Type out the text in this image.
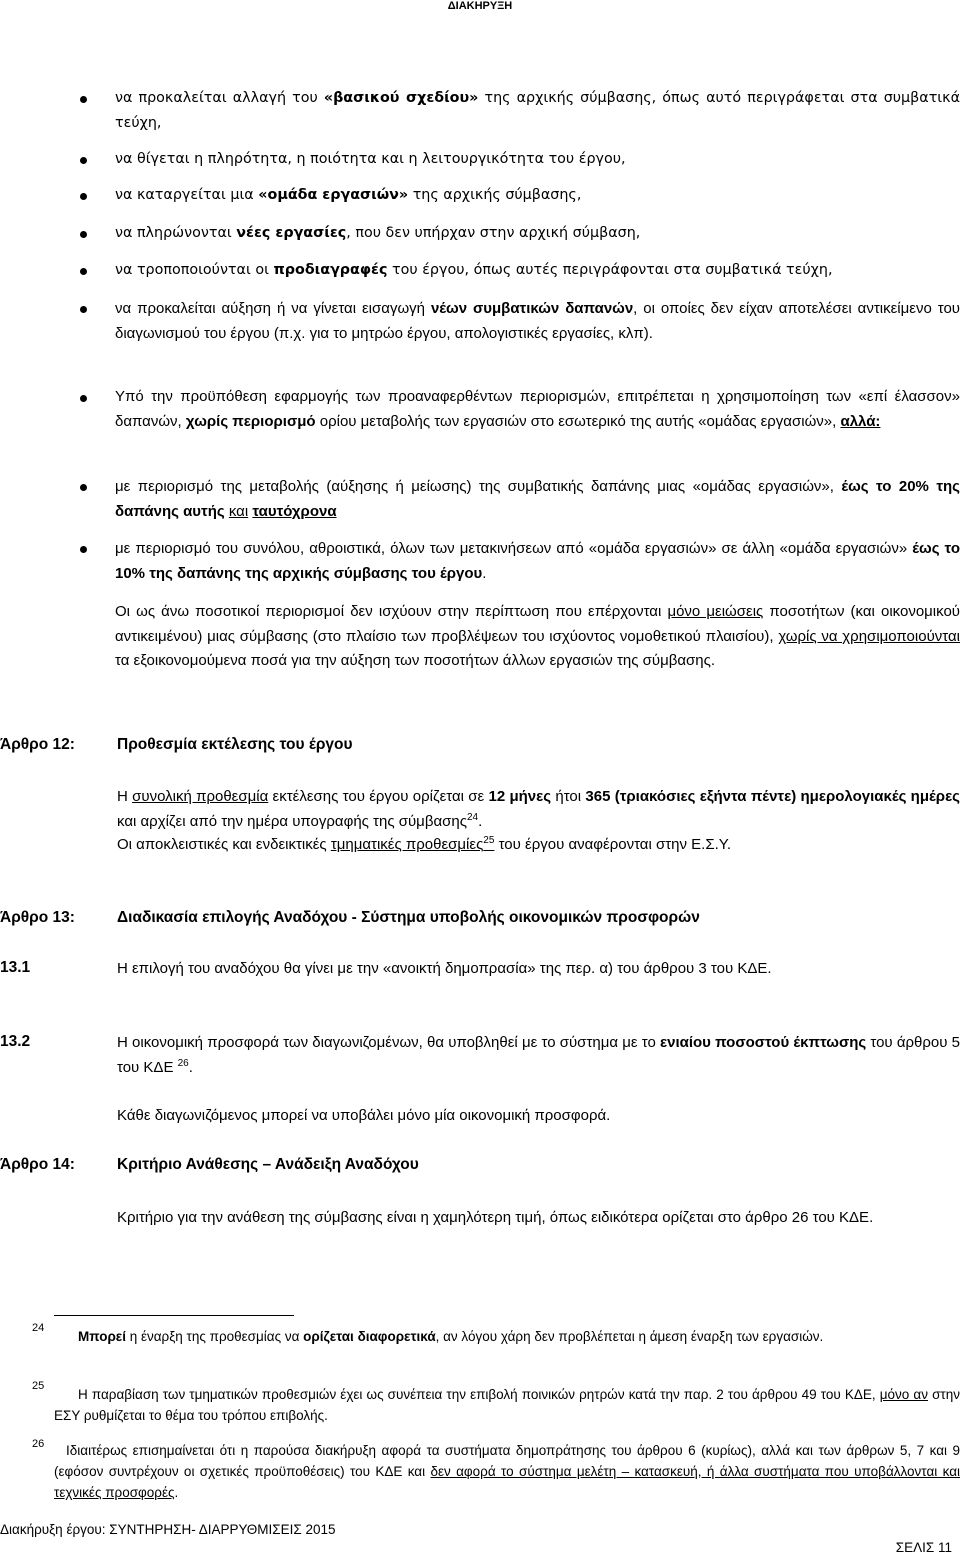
ΔΙΑΚΗΡΥΞΗ
να προκαλείται αλλαγή του «βασικού σχεδίου» της αρχικής σύμβασης, όπως αυτό περιγράφεται στα συμβατικά τεύχη,
να θίγεται η πληρότητα, η ποιότητα και η λειτουργικότητα του έργου,
να καταργείται μια «ομάδα εργασιών» της αρχικής σύμβασης,
να πληρώνονται νέες εργασίες, που δεν υπήρχαν στην αρχική σύμβαση,
να τροποποιούνται οι προδιαγραφές του έργου, όπως αυτές περιγράφονται στα συμβατικά τεύχη,
να προκαλείται αύξηση ή να γίνεται εισαγωγή νέων συμβατικών δαπανών, οι οποίες δεν είχαν αποτελέσει αντικείμενο του διαγωνισμού του έργου (π.χ. για το μητρώο έργου, απολογιστικές εργασίες, κλπ).
Υπό την προϋπόθεση εφαρμογής των προαναφερθέντων περιορισμών, επιτρέπεται η χρησιμοποίηση των «επί έλασσον» δαπανών, χωρίς περιορισμό ορίου μεταβολής των εργασιών στο εσωτερικό της αυτής «ομάδας εργασιών», αλλά:
με περιορισμό της μεταβολής (αύξησης ή μείωσης) της συμβατικής δαπάνης μιας «ομάδας εργασιών», έως το 20% της δαπάνης αυτής και ταυτόχρονα
με περιορισμό του συνόλου, αθροιστικά, όλων των μετακινήσεων από «ομάδα εργασιών» σε άλλη «ομάδα εργασιών» έως το 10% της δαπάνης της αρχικής σύμβασης του έργου.
Οι ως άνω ποσοτικοί περιορισμοί δεν ισχύουν στην περίπτωση που επέρχονται μόνο μειώσεις ποσοτήτων (και οικονομικού αντικειμένου) μιας σύμβασης (στο πλαίσιο των προβλέψεων του ισχύοντος νομοθετικού πλαισίου), χωρίς να χρησιμοποιούνται τα εξοικονομούμενα ποσά για την αύξηση των ποσοτήτων άλλων εργασιών της σύμβασης.
Άρθρο 12:	Προθεσμία εκτέλεσης του έργου
Η συνολική προθεσμία εκτέλεσης του έργου ορίζεται σε 12 μήνες ήτοι 365 (τριακόσιες εξήντα πέντε) ημερολογιακές ημέρες και αρχίζει από την ημέρα υπογραφής της σύμβασης$^{24}$.
Οι αποκλειστικές και ενδεικτικές τμηματικές προθεσμίες$^{25}$ του έργου αναφέρονται στην Ε.Σ.Υ.
Άρθρο 13:	Διαδικασία επιλογής Αναδόχου - Σύστημα υποβολής οικονομικών προσφορών
13.1	Η επιλογή του αναδόχου θα γίνει με την «ανοικτή δημοπρασία» της περ. α) του άρθρου 3 του ΚΔΕ.
13.2	Η οικονομική προσφορά των διαγωνιζομένων, θα υποβληθεί με το σύστημα με το ενιαίου ποσοστού έκπτωσης του άρθρου 5 του ΚΔΕ $^{26}$.
Κάθε διαγωνιζόμενος μπορεί να υποβάλει μόνο μία οικονομική προσφορά.
Άρθρο 14:	Κριτήριο Ανάθεσης – Ανάδειξη Αναδόχου
Κριτήριο για την ανάθεση της σύμβασης είναι η χαμηλότερη τιμή, όπως ειδικότερα ορίζεται στο άρθρο 26 του ΚΔΕ.
24
Μπορεί η έναρξη της προθεσμίας να ορίζεται διαφορετικά, αν λόγου χάρη δεν προβλέπεται η άμεση έναρξη των εργασιών.
25
Η παραβίαση των τμηματικών προθεσμιών έχει ως συνέπεια την επιβολή ποινικών ρητρών κατά την παρ. 2 του άρθρου 49 του ΚΔΕ, μόνο αν στην ΕΣΥ ρυθμίζεται το θέμα του τρόπου επιβολής.
26	Ιδιαιτέρως επισημαίνεται ότι η παρούσα διακήρυξη αφορά τα συστήματα δημοπράτησης του άρθρου 6 (κυρίως), αλλά και των άρθρων 5, 7 και 9 (εφόσον συντρέχουν οι σχετικές προϋποθέσεις) του ΚΔΕ και δεν αφορά το σύστημα μελέτη – κατασκευή, ή άλλα συστήματα που υποβάλλονται και τεχνικές προσφορές.
Διακήρυξη έργου: ΣΥΝΤΗΡΗΣΗ- ΔΙΑΡΡΥΘΜΙΣΕΙΣ 2015
ΣΕΛΙΣ 11
